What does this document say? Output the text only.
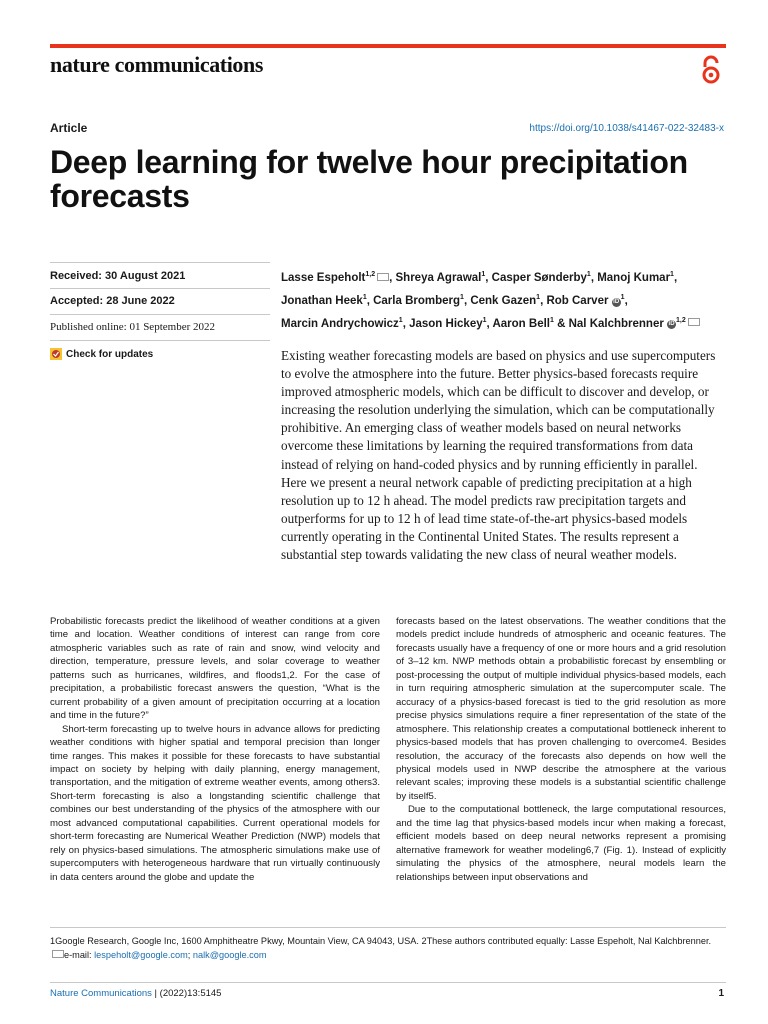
nature communications
Article	https://doi.org/10.1038/s41467-022-32483-x
Deep learning for twelve hour precipitation forecasts
Received: 30 August 2021
Accepted: 28 June 2022
Published online: 01 September 2022
Check for updates
Lasse Espeholt$^{1,2}$ , Shreya Agrawal$^1$, Casper Sønderby$^1$, Manoj Kumar$^1$,
Jonathan Heek$^1$, Carla Bromberg$^1$, Cenk Gazen$^1$, Rob Carver $iD^1$,
Marcin Andrychowicz$^1$, Jason Hickey$^1$, Aaron Bell$^1$ & Nal Kalchbrenner iD$^{1,2}$
Existing weather forecasting models are based on physics and use supercomputers to evolve the atmosphere into the future. Better physics-based forecasts require improved atmospheric models, which can be difficult to discover and develop, or increasing the resolution underlying the simulation, which can be computationally prohibitive. An emerging class of weather models based on neural networks overcome these limitations by learning the required transformations from data instead of relying on hand-coded physics and by running efficiently in parallel. Here we present a neural network capable of predicting precipitation at a high resolution up to 12 h ahead. The model predicts raw precipitation targets and outperforms for up to 12 h of lead time state-of-the-art physics-based models currently operating in the Continental United States. The results represent a substantial step towards validating the new class of neural weather models.

Probabilistic forecasts predict the likelihood of weather conditions at a given time and location. Weather conditions of interest can range from core atmospheric variables such as rate of rain and snow, wind velocity and direction, temperature, pressure levels, and solar coverage to weather patterns such as hurricanes, wildfires, and floods1,2. For the case of precipitation, a probabilistic forecast answers the question, “What is the current probability of a given amount of precipitation occurring at a location and time in the future?”

Short-term forecasting up to twelve hours in advance allows for predicting weather conditions with higher spatial and temporal precision than longer time ranges. This makes it possible for these forecasts to have substantial impact on society by helping with daily planning, energy management, transportation, and the mitigation of extreme weather events, among others3. Short-term forecasting is also a longstanding scientific challenge that combines our best understanding of the physics of the atmosphere with our most advanced computational capabilities. Current operational models for short-term forecasting are Numerical Weather Prediction (NWP) models that rely on physics-based simulations. The atmospheric simulations make use of supercomputers with heterogeneous hardware that run virtually continuously in data centers around the globe and update the

forecasts based on the latest observations. The weather conditions that the models predict include hundreds of atmospheric and oceanic features. The forecasts usually have a frequency of one or more hours and a grid resolution of 3–12 km. NWP methods obtain a probabilistic forecast by ensembling or post-processing the output of multiple individual physics-based models, each in turn requiring atmospheric simulation at the supercomputer scale. The accuracy of a physics-based forecast is tied to the grid resolution as more precise physics simulations require a finer representation of the state of the atmosphere. This relationship creates a computational bottleneck inherent to physics-based models that has proven challenging to overcome4. Besides resolution, the accuracy of the forecasts also depends on how well the physical models used in NWP describe the atmosphere at the various relevant scales; improving these models is a substantial scientific challenge by itself5.

Due to the computational bottleneck, the large computational resources, and the time lag that physics-based models incur when making a forecast, efficient models based on deep neural networks represent a promising alternative framework for weather modeling6,7 (Fig. 1). Instead of explicitly simulating the physics of the atmosphere, neural models learn the relationships between input observations and

1Google Research, Google Inc, 1600 Amphitheatre Pkwy, Mountain View, CA 94043, USA. 2These authors contributed equally: Lasse Espeholt, Nal Kalchbrenner. e-mail: lespeholt@google.com; nalk@google.com
Nature Communications | (2022)13:5145	1
